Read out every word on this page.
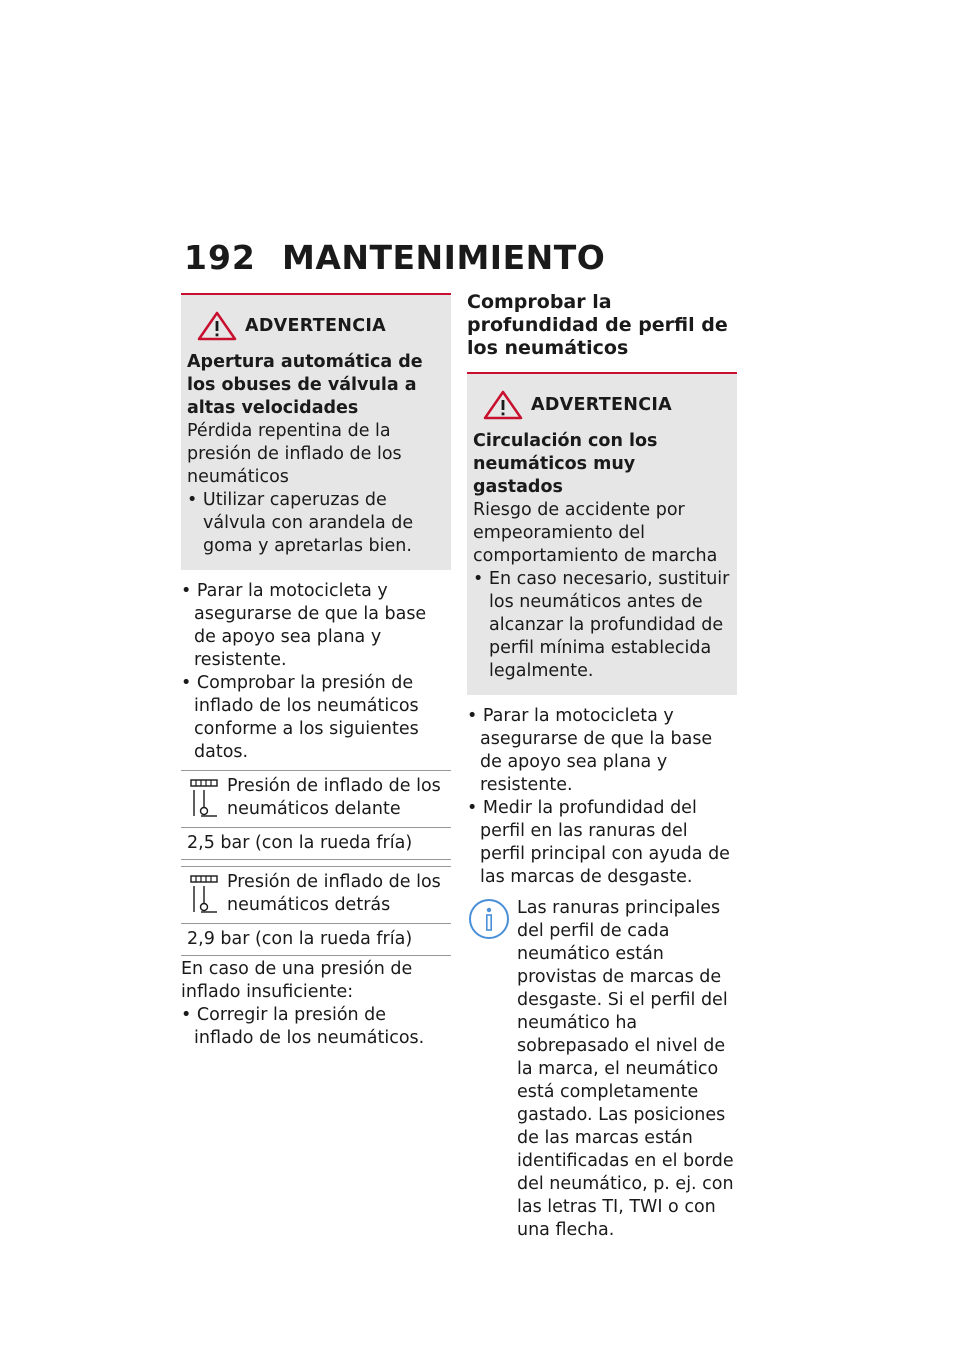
192 MANTENIMIENTO
ADVERTENCIA
Apertura automática de los obuses de válvula a altas velocidades
Pérdida repentina de la presión de inflado de los neumáticos
• Utilizar caperuzas de válvula con arandela de goma y apretarlas bien.
• Parar la motocicleta y asegurarse de que la base de apoyo sea plana y resistente.
• Comprobar la presión de inflado de los neumáticos conforme a los siguientes datos.
Presión de inflado de los neumáticos delante
2,5 bar (con la rueda fría)
Presión de inflado de los neumáticos detrás
2,9 bar (con la rueda fría)
En caso de una presión de inflado insuficiente:
• Corregir la presión de inflado de los neumáticos.
Comprobar la profundidad de perfil de los neumáticos
ADVERTENCIA
Circulación con los neumáticos muy gastados
Riesgo de accidente por empeoramiento del comportamiento de marcha
• En caso necesario, sustituir los neumáticos antes de alcanzar la profundidad de perfil mínima establecida legalmente.
• Parar la motocicleta y asegurarse de que la base de apoyo sea plana y resistente.
• Medir la profundidad del perfil en las ranuras del perfil principal con ayuda de las marcas de desgaste.
Las ranuras principales del perfil de cada neumático están provistas de marcas de desgaste. Si el perfil del neumático ha sobrepasado el nivel de la marca, el neumático está completamente gastado. Las posiciones de las marcas están identificadas en el borde del neumático, p. ej. con las letras TI, TWI o con una flecha.
